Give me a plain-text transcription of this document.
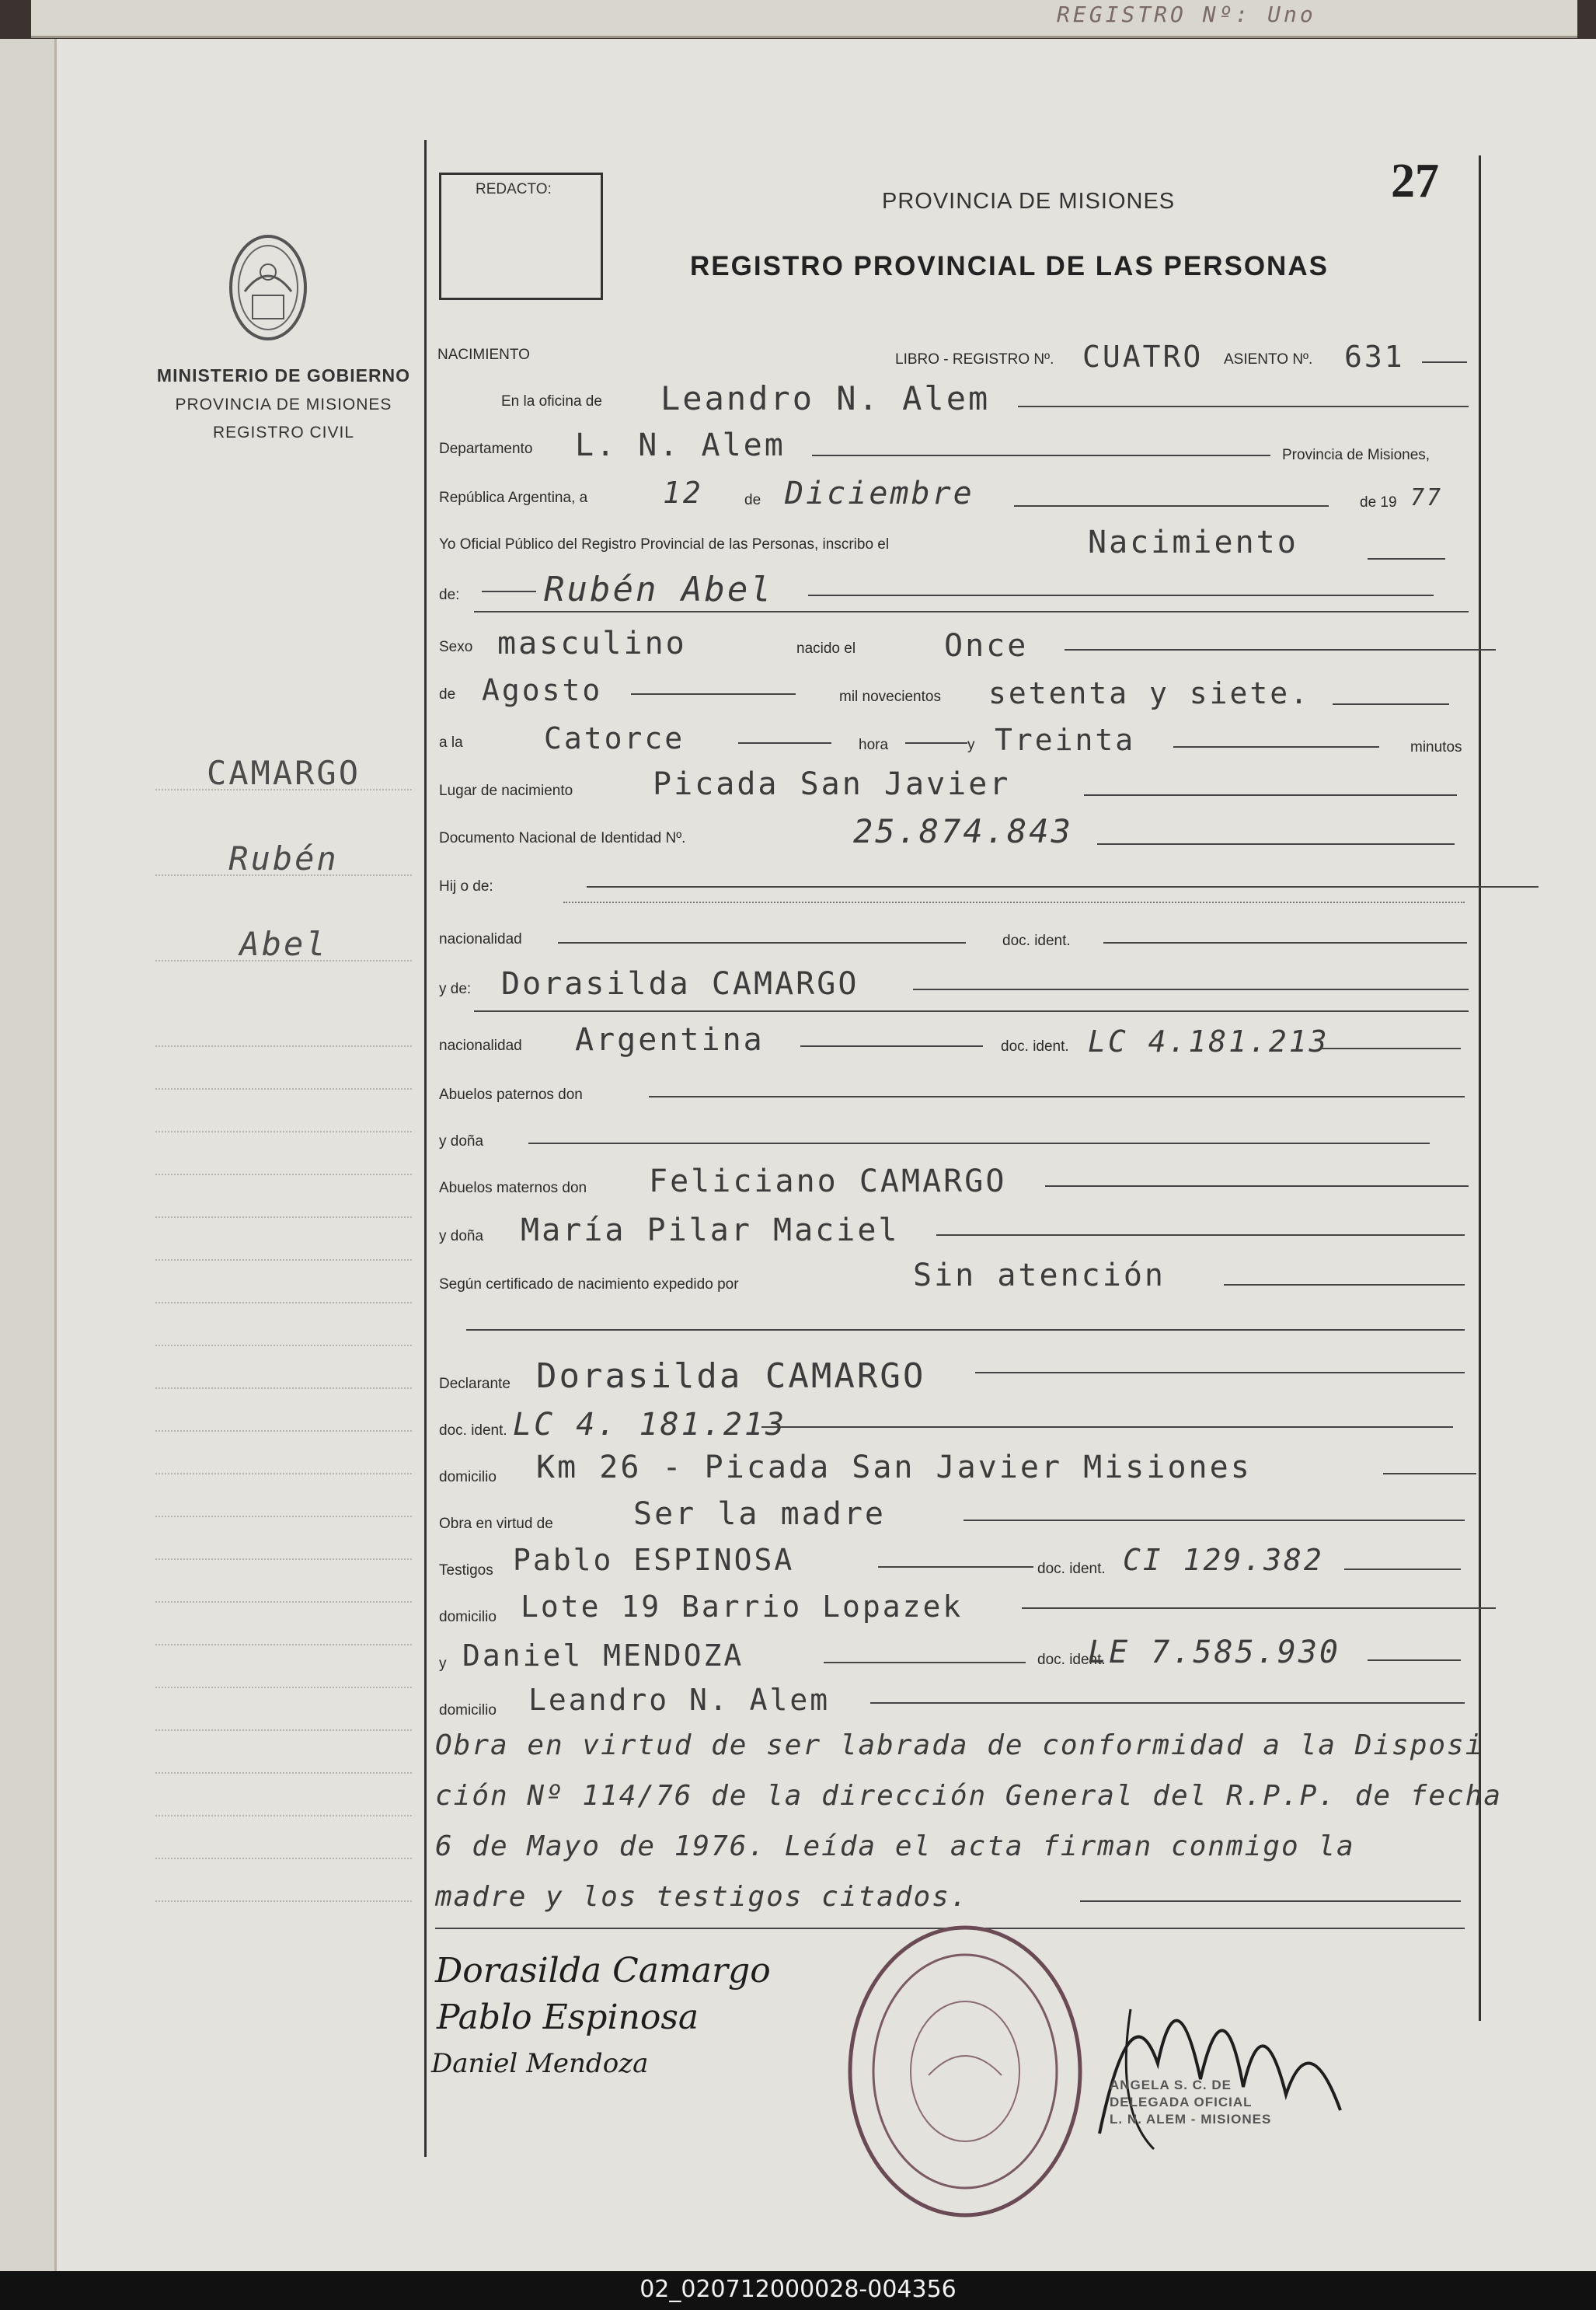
REGISTRO Nº: Uno
MINISTERIO DE GOBIERNO
PROVINCIA DE MISIONES
REGISTRO CIVIL
CAMARGO
Rubén
Abel
REDACTO:	PROVINCIA DE MISIONES
REGISTRO PROVINCIAL DE LAS PERSONAS
27
NACIMIENTO	LIBRO - REGISTRO Nº. CUATRO ASIENTO Nº. 631
En la oficina de Leandro N. Alem
Departamento L. N. Alem	Provincia de Misiones,
República Argentina, a	12	de Diciembre	de 19 77
Yo Oficial Público del Registro Provincial de las Personas, inscribo el	Nacimiento
de: Rubén Abel
Sexo masculino	nacido el	Once
de Agosto	mil novecientos setenta y siete.
a la	Catorce	hora	y Treinta	minutos
Lugar de nacimiento	Picada San Javier
Documento Nacional de Identidad Nº.	25.874.843
Hij o de:
nacionalidad	doc. ident.
y de: Dorasilda CAMARGO
nacionalidad Argentina	doc. ident. LC 4.181.213
Abuelos paternos don
y doña
Abuelos maternos don Feliciano CAMARGO
y doña María Pilar Maciel
Según certificado de nacimiento expedido por	Sin atención
Declarante Dorasilda CAMARGO
doc. ident. LC 4. 181.213
domicilio Km 26 - Picada San Javier Misiones
Obra en virtud de	Ser la madre
Testigos Pablo ESPINOSA	doc. ident. CI 129.382
domicilio Lote 19 Barrio Lopazek
y Daniel MENDOZA	doc. ident.
LE 7.585.930
domicilio Leandro N. Alem
Obra en virtud de ser labrada de conformidad a la Disposi
ción Nº 114/76 de la dirección General del R.P.P. de fecha
6 de Mayo de 1976. Leída el acta firman conmigo la
madre y los testigos citados.
Dorasilda Camargo
Pablo Espinosa
Daniel Mendoza
ANGELA S. C. DE
DELEGADA OFICIAL
L. N. ALEM - MISIONES
02_020712000028-004356
